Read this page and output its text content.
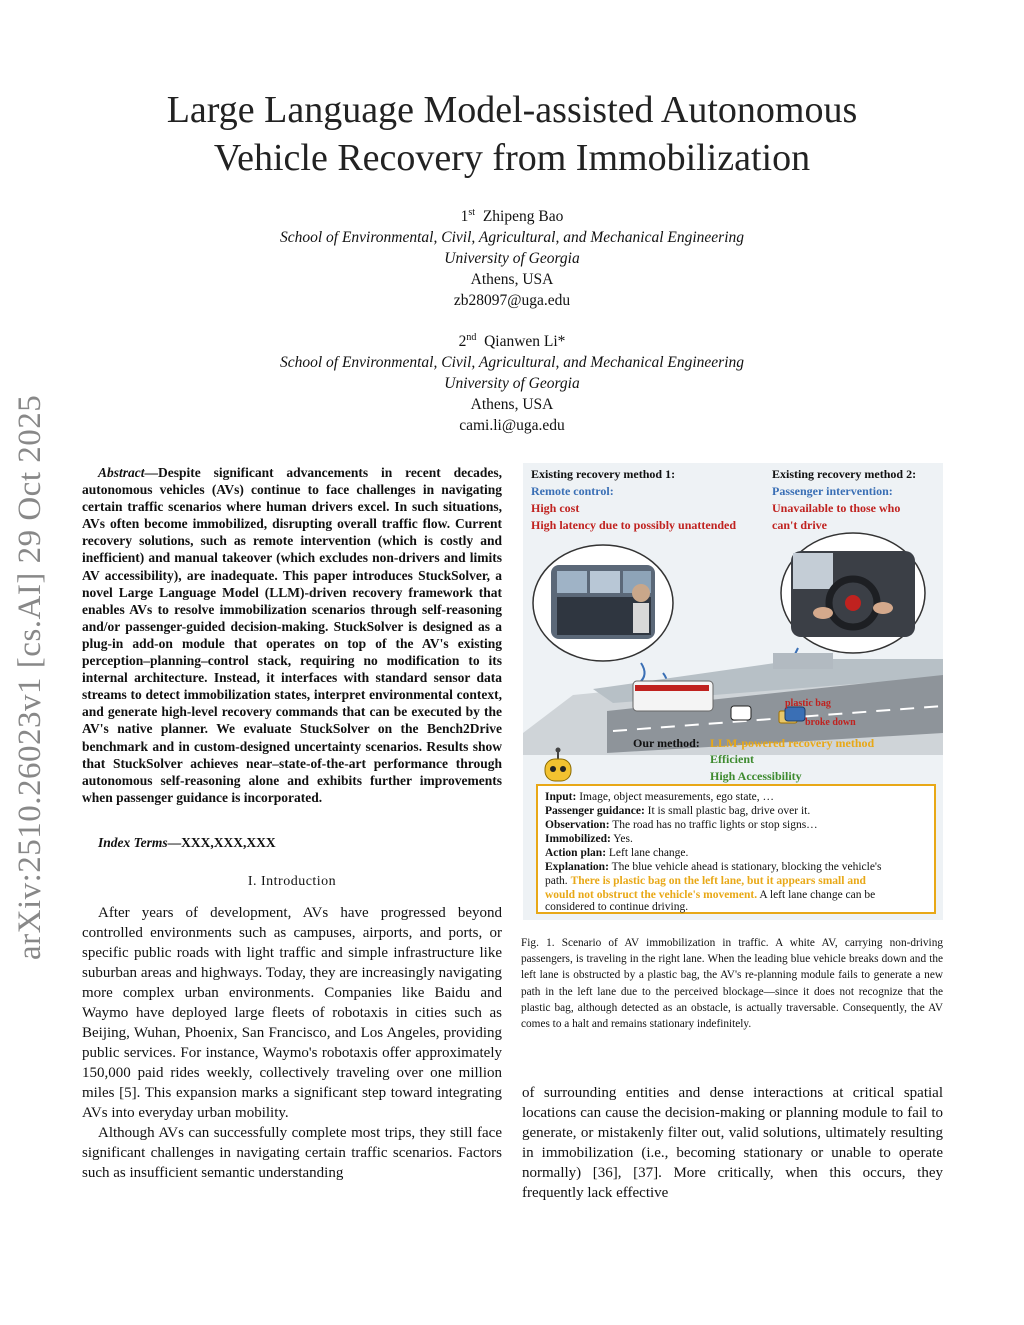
arXiv:2510.26023v1 [cs.AI] 29 Oct 2025
Large Language Model-assisted Autonomous
Vehicle Recovery from Immobilization
1st Zhipeng Bao
School of Environmental, Civil, Agricultural, and Mechanical Engineering
University of Georgia
Athens, USA
zb28097@uga.edu
2nd Qianwen Li*
School of Environmental, Civil, Agricultural, and Mechanical Engineering
University of Georgia
Athens, USA
cami.li@uga.edu
Abstract—Despite significant advancements in recent decades, autonomous vehicles (AVs) continue to face challenges in navigating certain traffic scenarios where human drivers excel. In such situations, AVs often become immobilized, disrupting overall traffic flow. Current recovery solutions, such as remote intervention (which is costly and inefficient) and manual takeover (which excludes non-drivers and limits AV accessibility), are inadequate. This paper introduces StuckSolver, a novel Large Language Model (LLM)-driven recovery framework that enables AVs to resolve immobilization scenarios through self-reasoning and/or passenger-guided decision-making. StuckSolver is designed as a plug-in add-on module that operates on top of the AV's existing perception–planning–control stack, requiring no modification to its internal architecture. Instead, it interfaces with standard sensor data streams to detect immobilization states, interpret environmental context, and generate high-level recovery commands that can be executed by the AV's native planner. We evaluate StuckSolver on the Bench2Drive benchmark and in custom-designed uncertainty scenarios. Results show that StuckSolver achieves near–state-of-the-art performance through autonomous self-reasoning alone and exhibits further improvements when passenger guidance is incorporated.
Index Terms—XXX,XXX,XXX
I. Introduction

After years of development, AVs have progressed beyond controlled environments such as campuses, airports, and ports, or specific public roads with light traffic and simple infrastructure like suburban areas and highways. Today, they are increasingly navigating more complex urban environments. Companies like Baidu and Waymo have deployed large fleets of robotaxis in cities such as Beijing, Wuhan, Phoenix, San Francisco, and Los Angeles, providing public services. For instance, Waymo's robotaxis offer approximately 150,000 paid rides weekly, collectively traveling over one million miles [5]. This expansion marks a significant step toward integrating AVs into everyday urban mobility.

Although AVs can successfully complete most trips, they still face significant challenges in navigating certain traffic scenarios. Factors such as insufficient semantic understanding

of surrounding entities and dense interactions at critical spatial locations can cause the decision-making or planning module to fail to generate, or mistakenly filter out, valid solutions, ultimately resulting in immobilization (i.e., becoming stationary or unable to operate normally) [36], [37]. More critically, when this occurs, they frequently lack effective
Existing recovery method 1:
Remote control:
High cost
High latency due to possibly unattended
Existing recovery method 2:
Passenger intervention:
Unavailable to those who
can't drive
plastic bag
broke down
Our method: LLM-powered recovery method
Efficient
High Accessibility
Input: Image, object measurements, ego state, …
Passenger guidance: It is small plastic bag, drive over it.
Observation: The road has no traffic lights or stop signs…
Immobilized: Yes.
Action plan: Left lane change.
Explanation: The blue vehicle ahead is stationary, blocking the vehicle's
path. There is plastic bag on the left lane, but it appears small and
would not obstruct the vehicle's movement. A left lane change can be
considered to continue driving.
Fig. 1. Scenario of AV immobilization in traffic. A white AV, carrying non-driving passengers, is traveling in the right lane. When the leading blue vehicle breaks down and the left lane is obstructed by a plastic bag, the AV's re-planning module fails to generate a new path in the left lane due to the perceived blockage—since it does not recognize that the plastic bag, although detected as an obstacle, is actually traversable. Consequently, the AV comes to a halt and remains stationary indefinitely.
